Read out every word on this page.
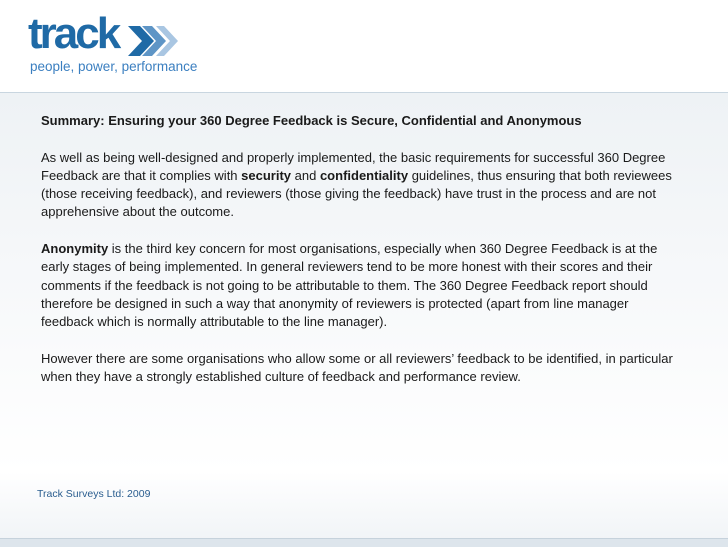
track
people, power, performance

Summary: Ensuring your 360 Degree Feedback is Secure, Confidential and Anonymous

As well as being well-designed and properly implemented, the basic requirements for successful 360 Degree Feedback are that it complies with security and confidentiality guidelines, thus ensuring that both reviewees (those receiving feedback), and reviewers (those giving the feedback) have trust in the process and are not apprehensive about the outcome.

Anonymity is the third key concern for most organisations, especially when 360 Degree Feedback is at the early stages of being implemented. In general reviewers tend to be more honest with their scores and their comments if the feedback is not going to be attributable to them. The 360 Degree Feedback report should therefore be designed in such a way that anonymity of reviewers is protected (apart from line manager feedback which is normally attributable to the line manager).

However there are some organisations who allow some or all reviewers’ feedback to be identified, in particular when they have a strongly established culture of feedback and performance review.

Track Surveys Ltd: 2009
